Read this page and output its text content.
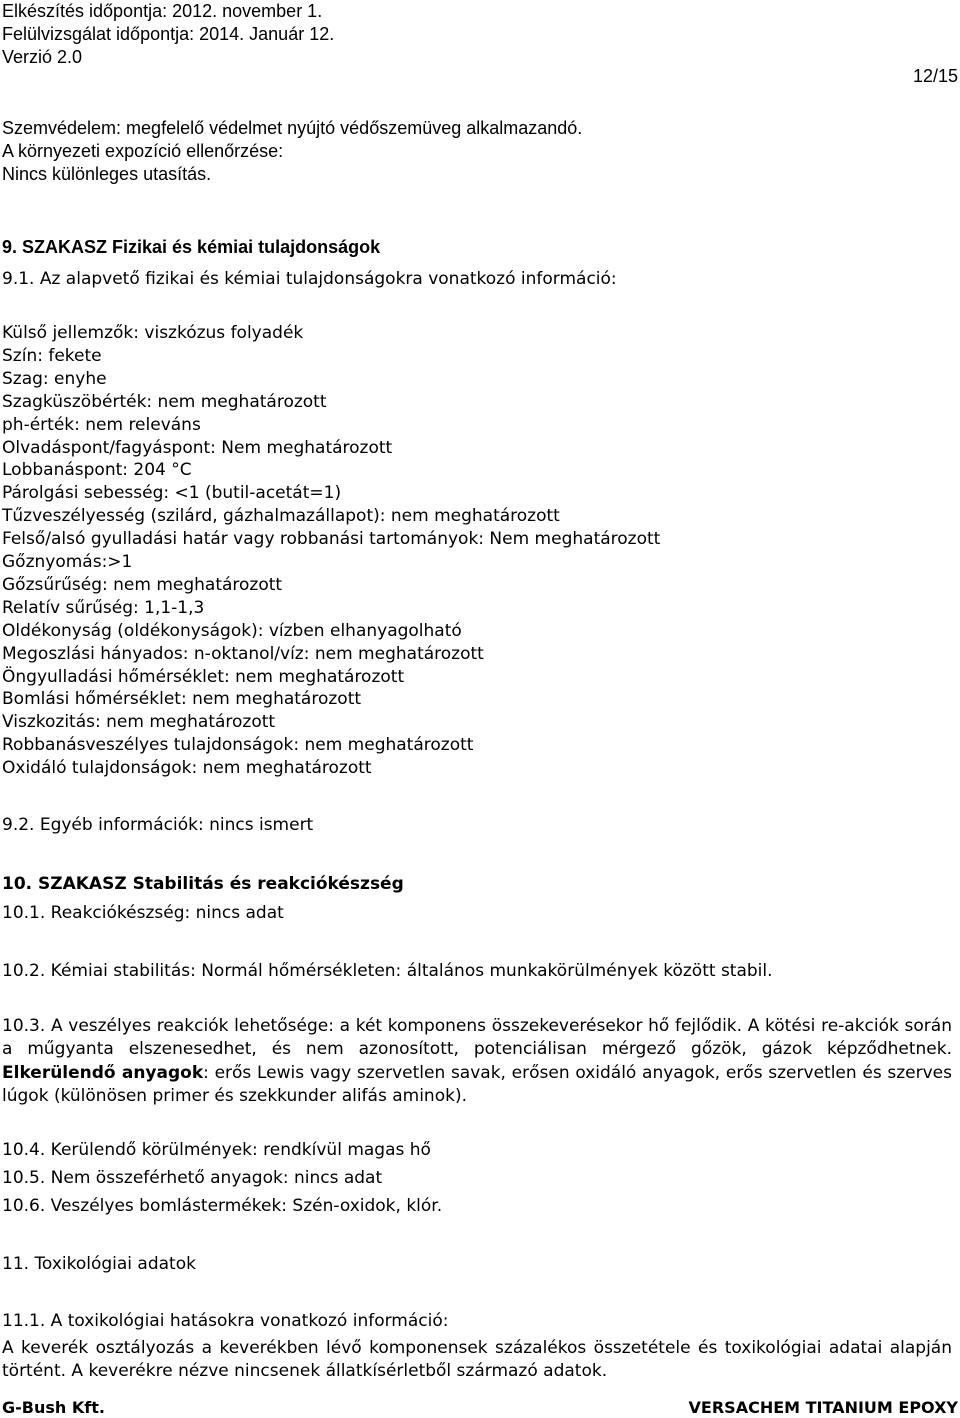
Elkészítés időpontja: 2012. november 1.
Felülvizsgálat időpontja: 2014. Január 12.
Verzió 2.0
12/15
Szemvédelem: megfelelő védelmet nyújtó védőszemüveg alkalmazandó.
A környezeti expozíció ellenőrzése:
Nincs különleges utasítás.
9. SZAKASZ Fizikai és kémiai tulajdonságok
9.1. Az alapvető fizikai és kémiai tulajdonságokra vonatkozó információ:
Külső jellemzők: viszkózus folyadék
Szín: fekete
Szag: enyhe
Szagküszöbérték: nem meghatározott
ph-érték: nem releváns
Olvadáspont/fagyáspont: Nem meghatározott
Lobbanáspont: 204 °C
Párolgási sebesség: <1 (butil-acetát=1)
Tűzveszélyesség (szilárd, gázhalmazállapot): nem meghatározott
Felső/alsó gyulladási határ vagy robbanási tartományok: Nem meghatározott
Gőznyomás:>1
Gőzsűrűség: nem meghatározott
Relatív sűrűség: 1,1-1,3
Oldékonyság (oldékonyságok): vízben elhanyagolható
Megoszlási hányados: n-oktanol/víz: nem meghatározott
Öngyulladási hőmérséklet: nem meghatározott
Bomlási hőmérséklet: nem meghatározott
Viszkozitás: nem meghatározott
Robbanásveszélyes tulajdonságok: nem meghatározott
Oxidáló tulajdonságok: nem meghatározott
9.2. Egyéb információk: nincs ismert
10. SZAKASZ Stabilitás és reakciókészség
10.1. Reakciókészség: nincs adat
10.2. Kémiai stabilitás: Normál hőmérsékleten: általános munkakörülmények között stabil.
10.3. A veszélyes reakciók lehetősége: a két komponens összekeverésekor hő fejlődik. A kötési re-akciók során a műgyanta elszenesedhet, és nem azonosított, potenciálisan mérgező gőzök, gázok képződhetnek. Elkerülendő anyagok: erős Lewis vagy szervetlen savak, erősen oxidáló anyagok, erős szervetlen és szerves lúgok (különösen primer és szekkunder alifás aminok).
10.4. Kerülendő körülmények: rendkívül magas hő
10.5. Nem összeférhető anyagok: nincs adat
10.6. Veszélyes bomlástermékek: Szén-oxidok, klór.
11. Toxikológiai adatok
11.1. A toxikológiai hatásokra vonatkozó információ:
A keverék osztályozás a keverékben lévő komponensek százalékos összetétele és toxikológiai adatai alapján történt. A keverékre nézve nincsenek állatkísérletből származó adatok.
G-Bush Kft.	VERSACHEM TITANIUM EPOXY
